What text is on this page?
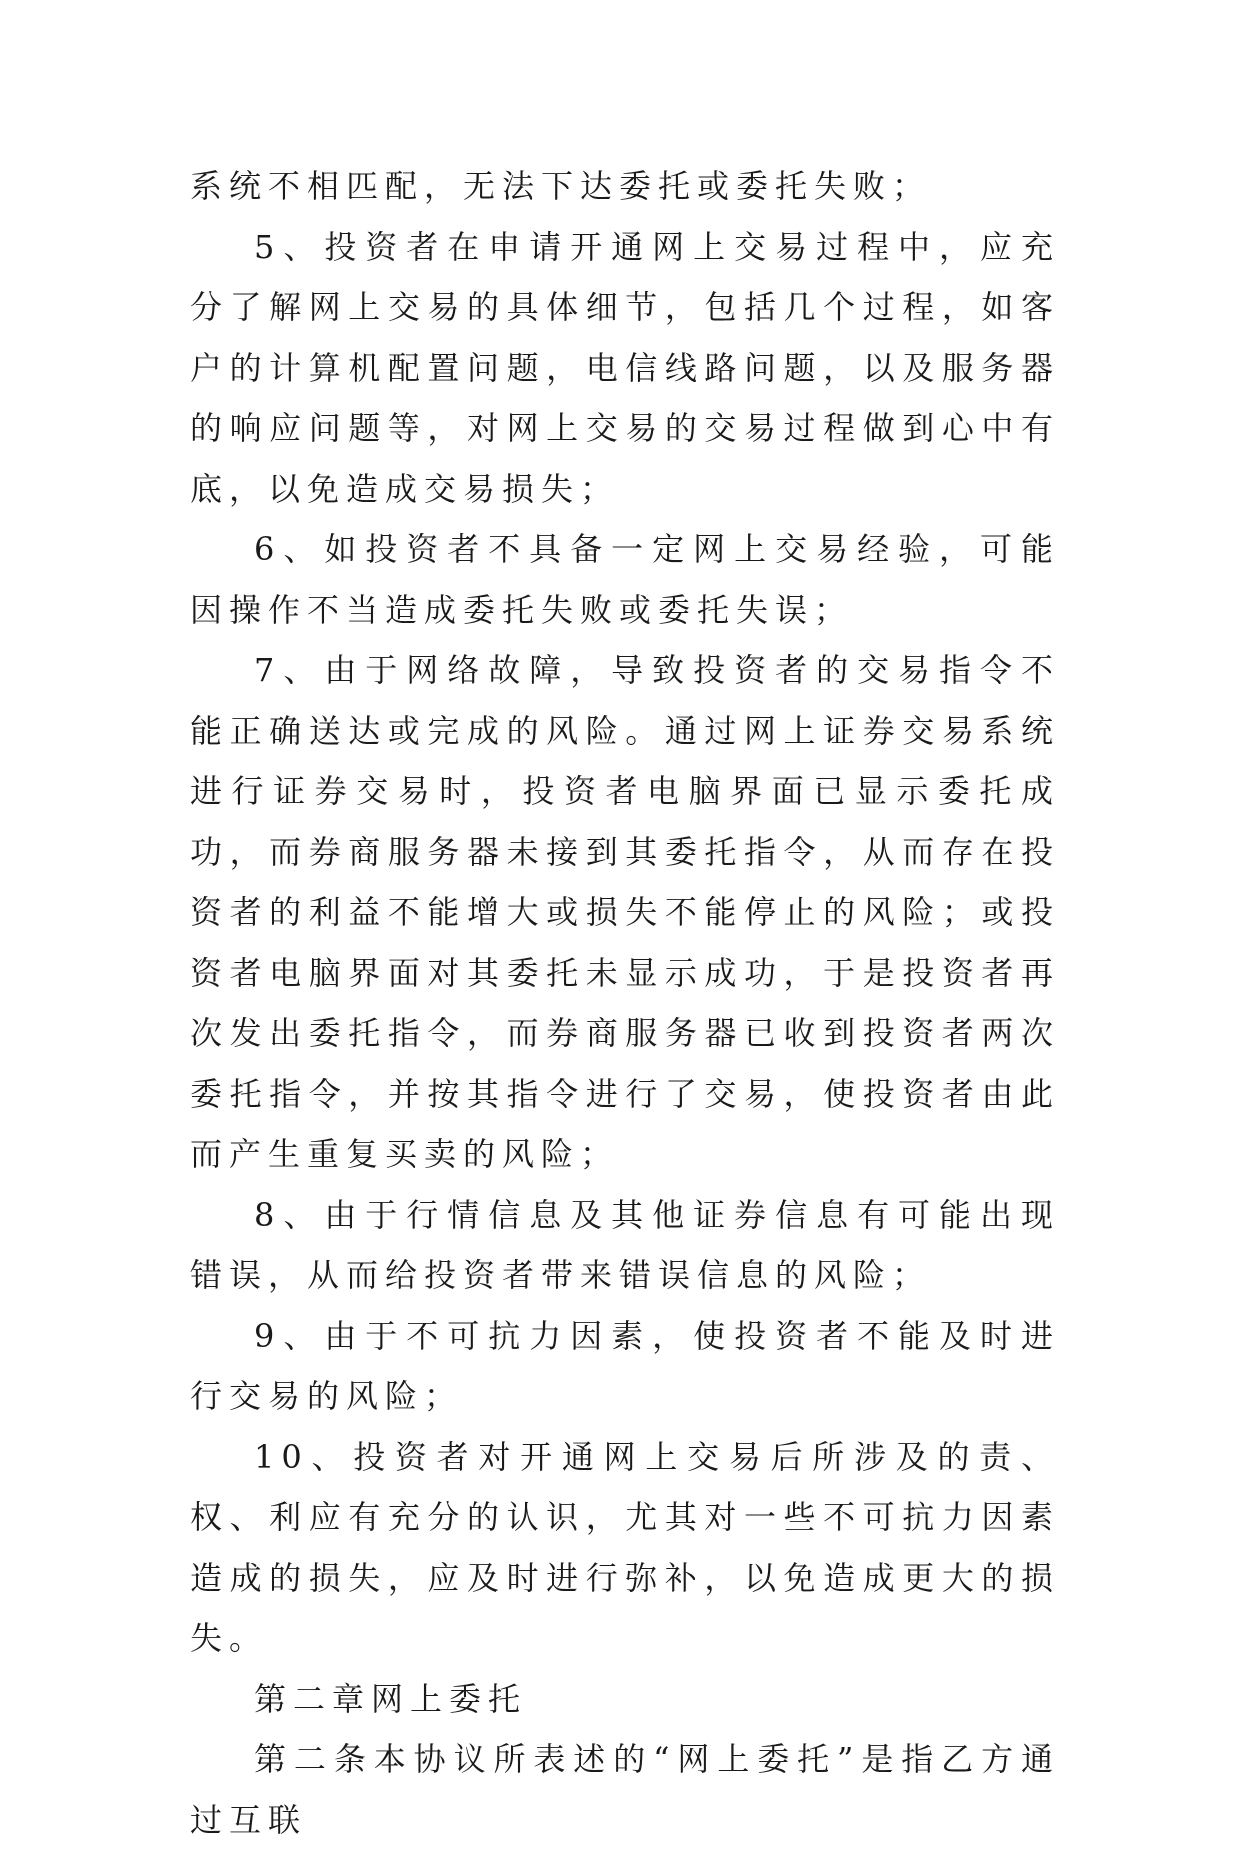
系统不相匹配，无法下达委托或委托失败；

5、投资者在申请开通网上交易过程中，应充分了解网上交易的具体细节，包括几个过程，如客户的计算机配置问题，电信线路问题，以及服务器的响应问题等，对网上交易的交易过程做到心中有底，以免造成交易损失；

6、如投资者不具备一定网上交易经验，可能因操作不当造成委托失败或委托失误；

7、由于网络故障，导致投资者的交易指令不能正确送达或完成的风险。通过网上证券交易系统进行证券交易时，投资者电脑界面已显示委托成功，而券商服务器未接到其委托指令，从而存在投资者的利益不能增大或损失不能停止的风险；或投资者电脑界面对其委托未显示成功，于是投资者再次发出委托指令，而券商服务器已收到投资者两次委托指令，并按其指令进行了交易，使投资者由此而产生重复买卖的风险；

8、由于行情信息及其他证券信息有可能出现错误，从而给投资者带来错误信息的风险；

9、由于不可抗力因素，使投资者不能及时进行交易的风险；

10、投资者对开通网上交易后所涉及的责、权、利应有充分的认识，尤其对一些不可抗力因素造成的损失，应及时进行弥补，以免造成更大的损失。

第二章网上委托

第二条本协议所表述的“网上委托”是指乙方通过互联
